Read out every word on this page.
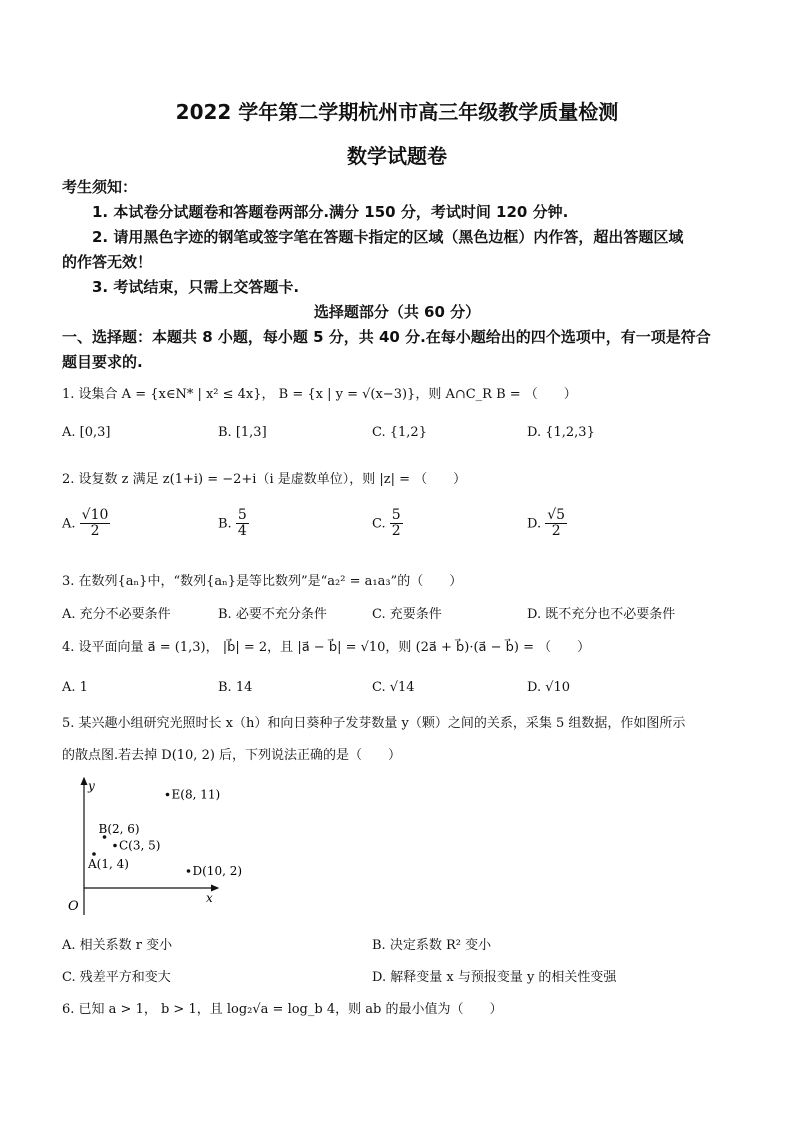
2022 学年第二学期杭州市高三年级教学质量检测
数学试题卷
考生须知：
1. 本试卷分试题卷和答题卷两部分.满分 150 分，考试时间 120 分钟.
2. 请用黑色字迹的钢笔或签字笔在答题卡指定的区域（黑色边框）内作答，超出答题区域
的作答无效！
3. 考试结束，只需上交答题卡.
选择题部分（共 60 分）
一、选择题：本题共 8 小题，每小题 5 分，共 40 分.在每小题给出的四个选项中，有一项是符合
题目要求的.
1. 设集合 A = {x∈N* | x² ≤ 4x}， B = {x | y = √(x−3)}，则 A∩C_R B = （　　）
A. [0,3]	B. [1,3]	C. {1,2}	D. {1,2,3}
2. 设复数 z 满足 z(1+i) = −2+i（i 是虚数单位），则 |z| = （　　）
A. $\frac{√10}{2}$	B. $\frac{5}{4}$	C. $\frac{5}{2}$	D. $\frac{√5}{2}$
3. 在数列{aₙ}中，“数列{aₙ}是等比数列”是“a₂² = a₁a₃”的（　　）
A. 充分不必要条件	B. 必要不充分条件	C. 充要条件	D. 既不充分也不必要条件
4. 设平面向量 a⃗ = (1,3)， |b⃗| = 2，且 |a⃗ − b⃗| = √10，则 (2a⃗ + b⃗)·(a⃗ − b⃗) = （　　）
A. 1	B. 14	C. √14	D. √10
5. 某兴趣小组研究光照时长 x（h）和向日葵种子发芽数量 y（颗）之间的关系，采集 5 组数据，作如图所示
的散点图.若去掉 D(10, 2) 后，下列说法正确的是（　　）
y
x
O
A(1, 4)
B(2, 6)
C(3, 5)
D(10, 2)
E(8, 11)
A. 相关系数 r 变小	B. 决定系数 R² 变小
C. 残差平方和变大	D. 解释变量 x 与预报变量 y 的相关性变强
6. 已知 a > 1， b > 1，且 log₂√a = log_b 4，则 ab 的最小值为（　　）
